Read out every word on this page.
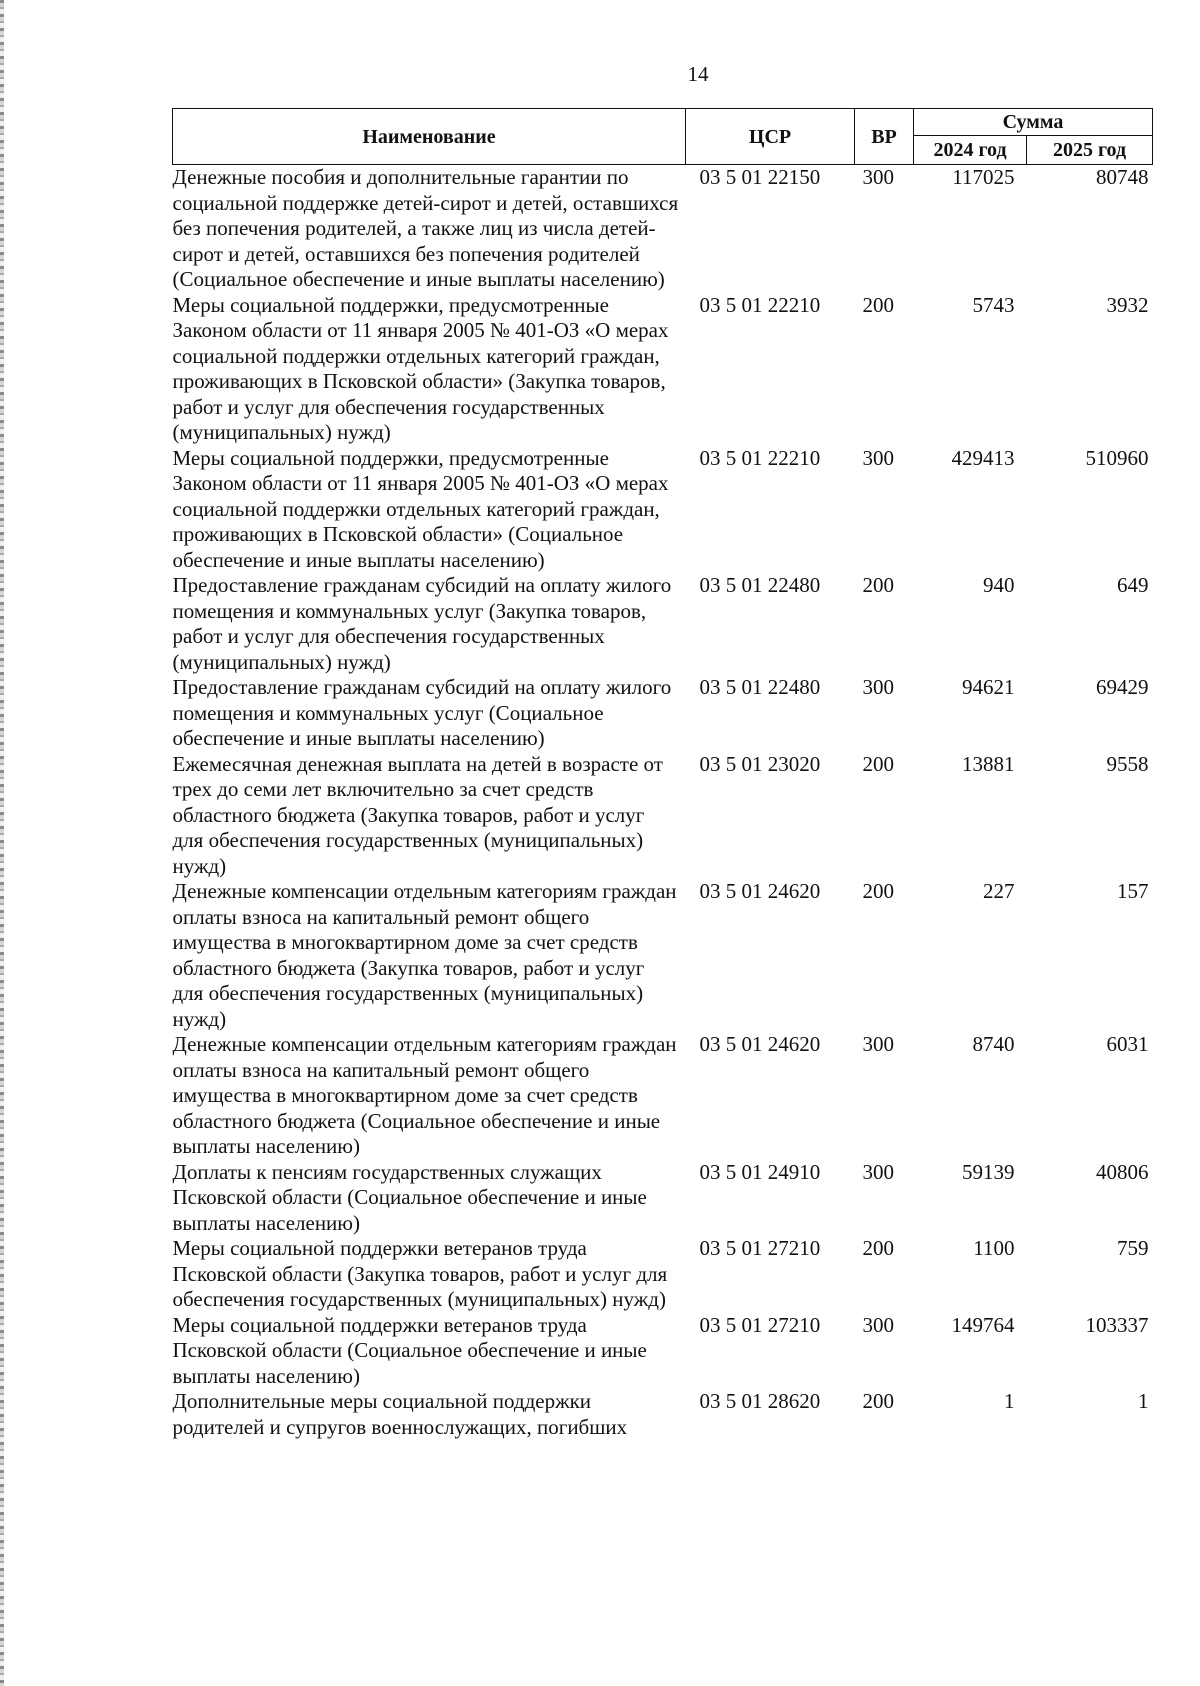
14
Наименование	ЦСР	ВР	Сумма	
			2024 год	2025 год
Денежные пособия и дополнительные гарантии по социальной поддержке детей-сирот и детей, оставшихся без попечения родителей, а также лиц из числа детей-сирот и детей, оставшихся без попечения родителей (Социальное обеспечение и иные выплаты населению)	03 5 01 22150	300	117025	80748
Меры социальной поддержки, предусмотренные Законом области от 11 января 2005 № 401-ОЗ «О мерах социальной поддержки отдельных категорий граждан, проживающих в Псковской области» (Закупка товаров, работ и услуг для обеспечения государственных (муниципальных) нужд)	03 5 01 22210	200	5743	3932
Меры социальной поддержки, предусмотренные Законом области от 11 января 2005 № 401-ОЗ «О мерах социальной поддержки отдельных категорий граждан, проживающих в Псковской области» (Социальное обеспечение и иные выплаты населению)	03 5 01 22210	300	429413	510960
Предоставление гражданам субсидий на оплату жилого помещения и коммунальных услуг (Закупка товаров, работ и услуг для обеспечения государственных (муниципальных) нужд)	03 5 01 22480	200	940	649
Предоставление гражданам субсидий на оплату жилого помещения и коммунальных услуг (Социальное обеспечение и иные выплаты населению)	03 5 01 22480	300	94621	69429
Ежемесячная денежная выплата на детей в возрасте от трех до семи лет включительно за счет средств областного бюджета (Закупка товаров, работ и услуг для обеспечения государственных (муниципальных) нужд)	03 5 01 23020	200	13881	9558
Денежные компенсации отдельным категориям граждан оплаты взноса на капитальный ремонт общего имущества в многоквартирном доме за счет средств областного бюджета (Закупка товаров, работ и услуг для обеспечения государственных (муниципальных) нужд)	03 5 01 24620	200	227	157
Денежные компенсации отдельным категориям граждан оплаты взноса на капитальный ремонт общего имущества в многоквартирном доме за счет средств областного бюджета (Социальное обеспечение и иные выплаты населению)	03 5 01 24620	300	8740	6031
Доплаты к пенсиям государственных служащих Псковской области (Социальное обеспечение и иные выплаты населению)	03 5 01 24910	300	59139	40806
Меры социальной поддержки ветеранов труда Псковской области (Закупка товаров, работ и услуг для обеспечения государственных (муниципальных) нужд)	03 5 01 27210	200	1100	759
Меры социальной поддержки ветеранов труда Псковской области (Социальное обеспечение и иные выплаты населению)	03 5 01 27210	300	149764	103337
Дополнительные меры социальной поддержки родителей и супругов военнослужащих, погибших	03 5 01 28620	200	1	1
